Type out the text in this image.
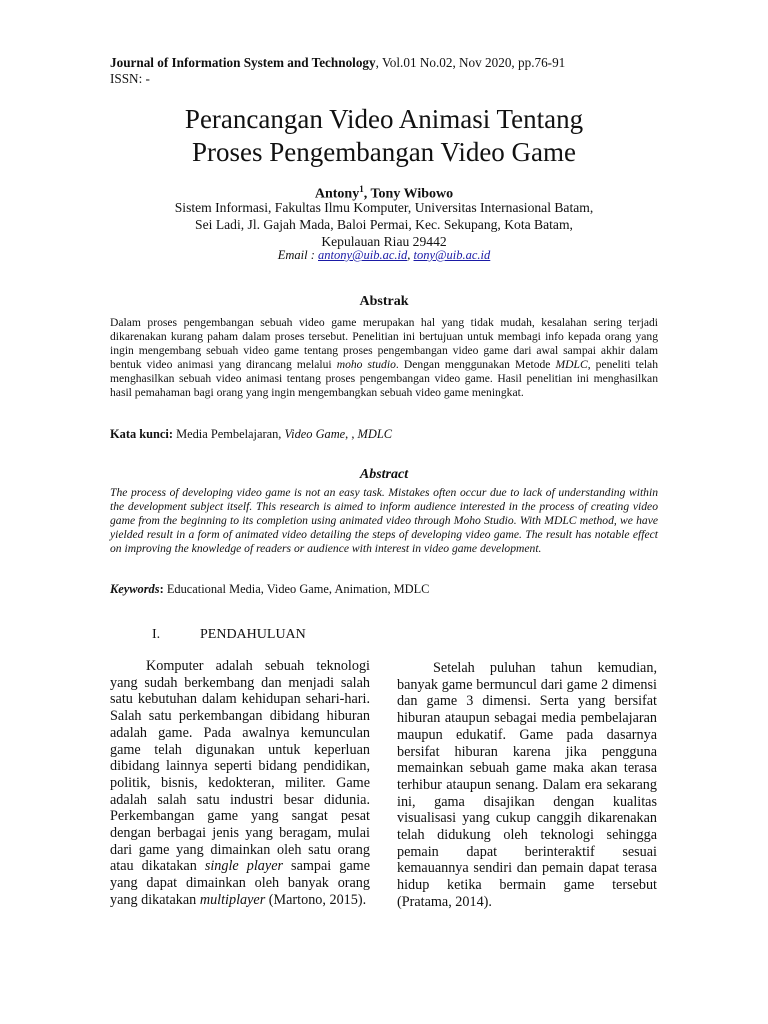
Journal of Information System and Technology, Vol.01 No.02, Nov 2020, pp.76-91
ISSN: -
Perancangan Video Animasi Tentang
Proses Pengembangan Video Game
Antony$^1$, Tony Wibowo
Sistem Informasi, Fakultas Ilmu Komputer, Universitas Internasional Batam,
Sei Ladi, Jl. Gajah Mada, Baloi Permai, Kec. Sekupang, Kota Batam,
Kepulauan Riau 29442
Email : antony@uib.ac.id, tony@uib.ac.id
Abstrak
Dalam proses pengembangan sebuah video game merupakan hal yang tidak mudah, kesalahan sering terjadi dikarenakan kurang paham dalam proses tersebut. Penelitian ini bertujuan untuk membagi info kepada orang yang ingin mengembang sebuah video game tentang proses pengembangan video game dari awal sampai akhir dalam bentuk video animasi yang dirancang melalui moho studio. Dengan menggunakan Metode MDLC, peneliti telah menghasilkan sebuah video animasi tentang proses pengembangan video game. Hasil penelitian ini menghasilkan hasil pemahaman bagi orang yang ingin mengembangkan sebuah video game meningkat.
Kata kunci: Media Pembelajaran, Video Game, , MDLC
Abstract
The process of developing video game is not an easy task. Mistakes often occur due to lack of understanding within the development subject itself. This research is aimed to inform audience interested in the process of creating video game from the beginning to its completion using animated video through Moho Studio. With MDLC method, we have yielded result in a form of animated video detailing the steps of developing video game. The result has notable effect on improving the knowledge of readers or audience with interest in video game development.
Keywords: Educational Media, Video Game, Animation, MDLC
I.	PENDAHULUAN
Komputer adalah sebuah teknologi yang sudah berkembang dan menjadi salah satu kebutuhan dalam kehidupan sehari-hari. Salah satu perkembangan dibidang hiburan adalah game. Pada awalnya kemunculan game telah digunakan untuk keperluan dibidang lainnya seperti bidang pendidikan, politik, bisnis, kedokteran, militer. Game adalah salah satu industri besar didunia. Perkembangan game yang sangat pesat dengan berbagai jenis yang beragam, mulai dari game yang dimainkan oleh satu orang atau dikatakan single player sampai game yang dapat dimainkan oleh banyak orang yang dikatakan multiplayer (Martono, 2015).
Setelah puluhan tahun kemudian, banyak game bermuncul dari game 2 dimensi dan game 3 dimensi. Serta yang bersifat hiburan ataupun sebagai media pembelajaran maupun edukatif. Game pada dasarnya bersifat hiburan karena jika pengguna memainkan sebuah game maka akan terasa terhibur ataupun senang. Dalam era sekarang ini, gama disajikan dengan kualitas visualisasi yang cukup canggih dikarenakan telah didukung oleh teknologi sehingga pemain dapat berinteraktif sesuai kemauannya sendiri dan pemain dapat terasa hidup ketika bermain game tersebut (Pratama, 2014).
